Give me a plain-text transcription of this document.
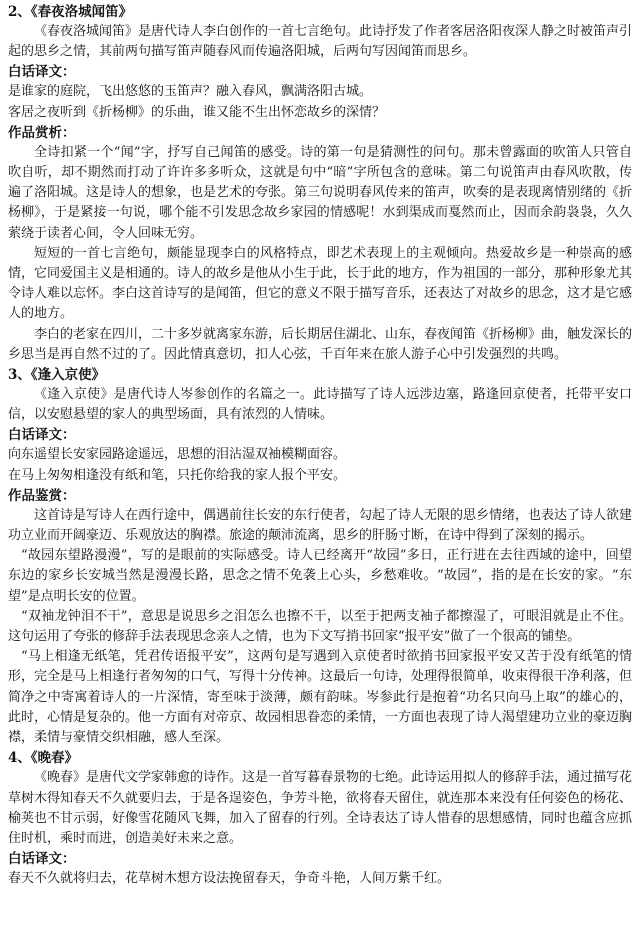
2、《春夜洛城闻笛》

《春夜洛城闻笛》是唐代诗人李白创作的一首七言绝句。此诗抒发了作者客居洛阳夜深人静之时被笛声引起的思乡之情，其前两句描写笛声随春风而传遍洛阳城，后两句写因闻笛而思乡。

白话译文：

是谁家的庭院，飞出悠悠的玉笛声？融入春风，飘满洛阳古城。

客居之夜听到《折杨柳》的乐曲，谁又能不生出怀恋故乡的深情？

作品赏析：

全诗扣紧一个“闻”字，抒写自己闻笛的感受。诗的第一句是猜测性的问句。那未曾露面的吹笛人只管自吹自听，却不期然而打动了许许多多听众，这就是句中“暗”字所包含的意味。第二句说笛声由春风吹散，传遍了洛阳城。这是诗人的想象，也是艺术的夸张。第三句说明春风传来的笛声，吹奏的是表现离情别绪的《折杨柳》，于是紧接一句说，哪个能不引发思念故乡家园的情感呢！水到渠成而戛然而止，因而余韵袅袅，久久萦绕于读者心间，令人回味无穷。

短短的一首七言绝句，颇能显现李白的风格特点，即艺术表现上的主观倾向。热爱故乡是一种崇高的感情，它同爱国主义是相通的。诗人的故乡是他从小生于此，长于此的地方，作为祖国的一部分，那种形象尤其令诗人难以忘怀。李白这首诗写的是闻笛，但它的意义不限于描写音乐，还表达了对故乡的思念，这才是它感人的地方。

李白的老家在四川，二十多岁就离家东游，后长期居住湖北、山东，春夜闻笛《折杨柳》曲，触发深长的乡思当是再自然不过的了。因此情真意切，扣人心弦，千百年来在旅人游子心中引发强烈的共鸣。

3、《逢入京使》

《逢入京使》是唐代诗人岑参创作的名篇之一。此诗描写了诗人远涉边塞，路逢回京使者，托带平安口信，以安慰悬望的家人的典型场面，具有浓烈的人情味。

白话译文：

向东遥望长安家园路途遥远，思想的泪沾湿双袖模糊面容。

在马上匆匆相逢没有纸和笔，只托你给我的家人报个平安。

作品鉴赏：

这首诗是写诗人在西行途中，偶遇前往长安的东行使者，勾起了诗人无限的思乡情绪，也表达了诗人欲建功立业而开阔豪迈、乐观放达的胸襟。旅途的颠沛流离，思乡的肝肠寸断，在诗中得到了深刻的揭示。

“故园东望路漫漫”，写的是眼前的实际感受。诗人已经离开“故园”多日，正行进在去往西域的途中，回望东边的家乡长安城当然是漫漫长路，思念之情不免袭上心头，乡愁难收。“故园”，指的是在长安的家。“东望”是点明长安的位置。

“双袖龙钟泪不干”，意思是说思乡之泪怎么也擦不干，以至于把两支袖子都擦湿了，可眼泪就是止不住。这句运用了夸张的修辞手法表现思念亲人之情，也为下文写捎书回家“报平安”做了一个很高的铺垫。

“马上相逢无纸笔，凭君传语报平安”，这两句是写遇到入京使者时欲捎书回家报平安又苦于没有纸笔的情形，完全是马上相逢行者匆匆的口气，写得十分传神。这最后一句诗，处理得很简单，收束得很干净利落，但简净之中寄寓着诗人的一片深情，寄至味于淡薄，颇有韵味。岑参此行是抱着“功名只向马上取”的雄心的，此时，心情是复杂的。他一方面有对帝京、故园相思眷恋的柔情，一方面也表现了诗人渴望建功立业的豪迈胸襟，柔情与豪情交织相融，感人至深。

4、《晚春》

《晚春》是唐代文学家韩愈的诗作。这是一首写暮春景物的七绝。此诗运用拟人的修辞手法，通过描写花草树木得知春天不久就要归去，于是各逞姿色，争芳斗艳，欲将春天留住，就连那本来没有任何姿色的杨花、榆荚也不甘示弱，好像雪花随风飞舞，加入了留春的行列。全诗表达了诗人惜春的思想感情，同时也蕴含应抓住时机，乘时而进，创造美好未来之意。

白话译文：

春天不久就将归去，花草树木想方设法挽留春天，争奇斗艳，人间万紫千红。
